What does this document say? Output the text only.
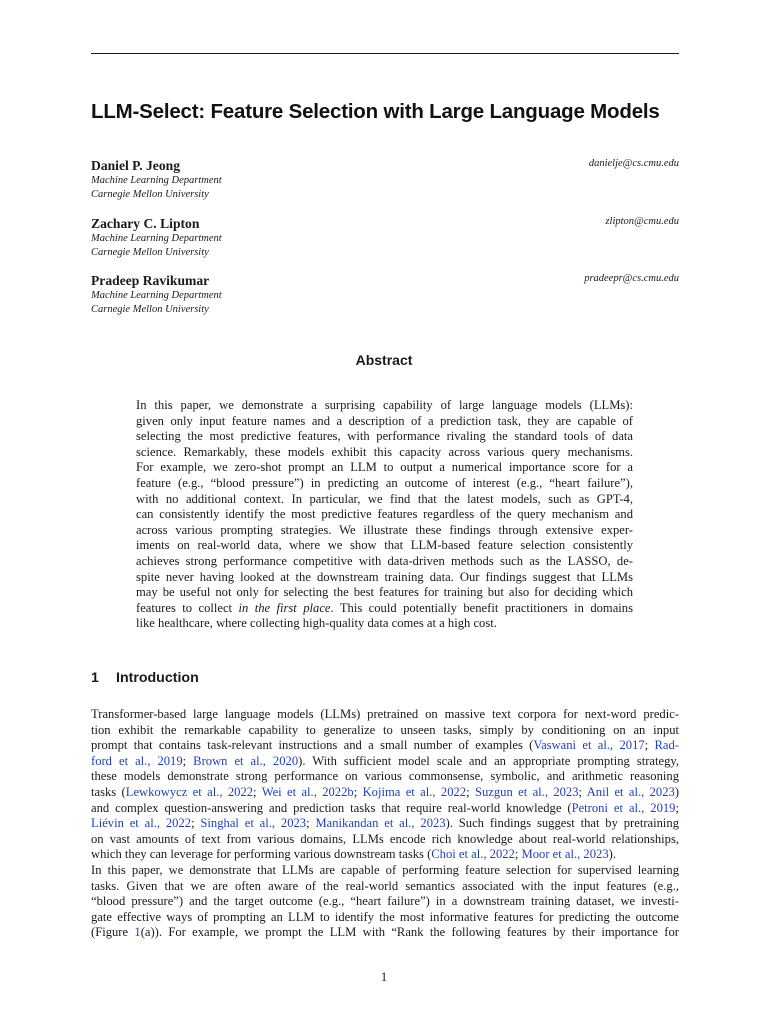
LLM-Select: Feature Selection with Large Language Models
Daniel P. Jeong	danielje@cs.cmu.edu
Machine Learning Department
Carnegie Mellon University
Zachary C. Lipton	zlipton@cmu.edu
Machine Learning Department
Carnegie Mellon University
Pradeep Ravikumar	pradeepr@cs.cmu.edu
Machine Learning Department
Carnegie Mellon University
Abstract
In this paper, we demonstrate a surprising capability of large language models (LLMs):
given only input feature names and a description of a prediction task, they are capable of
selecting the most predictive features, with performance rivaling the standard tools of data
science. Remarkably, these models exhibit this capacity across various query mechanisms.
For example, we zero-shot prompt an LLM to output a numerical importance score for a
feature (e.g., “blood pressure”) in predicting an outcome of interest (e.g., “heart failure”),
with no additional context. In particular, we find that the latest models, such as GPT-4,
can consistently identify the most predictive features regardless of the query mechanism and
across various prompting strategies. We illustrate these findings through extensive exper-
iments on real-world data, where we show that LLM-based feature selection consistently
achieves strong performance competitive with data-driven methods such as the LASSO, de-
spite never having looked at the downstream training data. Our findings suggest that LLMs
may be useful not only for selecting the best features for training but also for deciding which
features to collect in the first place. This could potentially benefit practitioners in domains
like healthcare, where collecting high-quality data comes at a high cost.
1 Introduction
Transformer-based large language models (LLMs) pretrained on massive text corpora for next-word predic-
tion exhibit the remarkable capability to generalize to unseen tasks, simply by conditioning on an input
prompt that contains task-relevant instructions and a small number of examples (Vaswani et al., 2017; Rad-
ford et al., 2019; Brown et al., 2020). With sufficient model scale and an appropriate prompting strategy,
these models demonstrate strong performance on various commonsense, symbolic, and arithmetic reasoning
tasks (Lewkowycz et al., 2022; Wei et al., 2022b; Kojima et al., 2022; Suzgun et al., 2023; Anil et al., 2023)
and complex question-answering and prediction tasks that require real-world knowledge (Petroni et al., 2019;
Liévin et al., 2022; Singhal et al., 2023; Manikandan et al., 2023). Such findings suggest that by pretraining
on vast amounts of text from various domains, LLMs encode rich knowledge about real-world relationships,
which they can leverage for performing various downstream tasks (Choi et al., 2022; Moor et al., 2023).
In this paper, we demonstrate that LLMs are capable of performing feature selection for supervised learning
tasks. Given that we are often aware of the real-world semantics associated with the input features (e.g.,
“blood pressure”) and the target outcome (e.g., “heart failure”) in a downstream training dataset, we investi-
gate effective ways of prompting an LLM to identify the most informative features for predicting the outcome
(Figure 1(a)). For example, we prompt the LLM with “Rank the following features by their importance for
1
